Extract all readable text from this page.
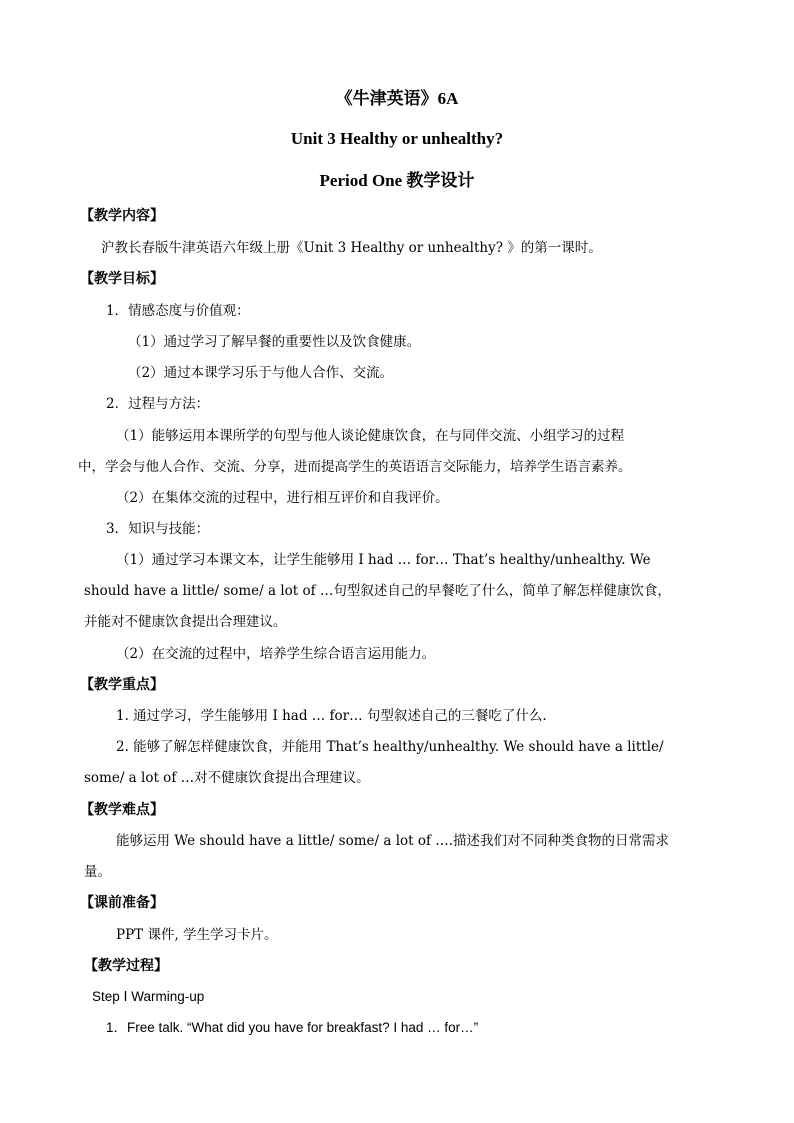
《牛津英语》6A
Unit 3 Healthy or unhealthy?
Period One 教学设计
【教学内容】
沪教长春版牛津英语六年级上册《Unit 3 Healthy or unhealthy? 》的第一课时。
【教学目标】
1．情感态度与价值观：
（1）通过学习了解早餐的重要性以及饮食健康。
（2）通过本课学习乐于与他人合作、交流。
2．过程与方法：
（1）能够运用本课所学的句型与他人谈论健康饮食，在与同伴交流、小组学习的过程
中，学会与他人合作、交流、分享，进而提高学生的英语语言交际能力，培养学生语言素养。
（2）在集体交流的过程中，进行相互评价和自我评价。
3．知识与技能：
（1）通过学习本课文本，让学生能够用 I had … for… That’s healthy/unhealthy. We
should have a little/ some/ a lot of …句型叙述自己的早餐吃了什么，简单了解怎样健康饮食，
并能对不健康饮食提出合理建议。
（2）在交流的过程中，培养学生综合语言运用能力。
【教学重点】
1. 通过学习，学生能够用 I had … for… 句型叙述自己的三餐吃了什么.
2. 能够了解怎样健康饮食，并能用 That’s healthy/unhealthy. We should have a little/
some/ a lot of …对不健康饮食提出合理建议。
【教学难点】
能够运用 We should have a little/ some/ a lot of ….描述我们对不同种类食物的日常需求
量。
【课前准备】
PPT 课件, 学生学习卡片。
【教学过程】
Step Ⅰ Warming-up
1．Free talk. “What did you have for breakfast? I had … for…”
